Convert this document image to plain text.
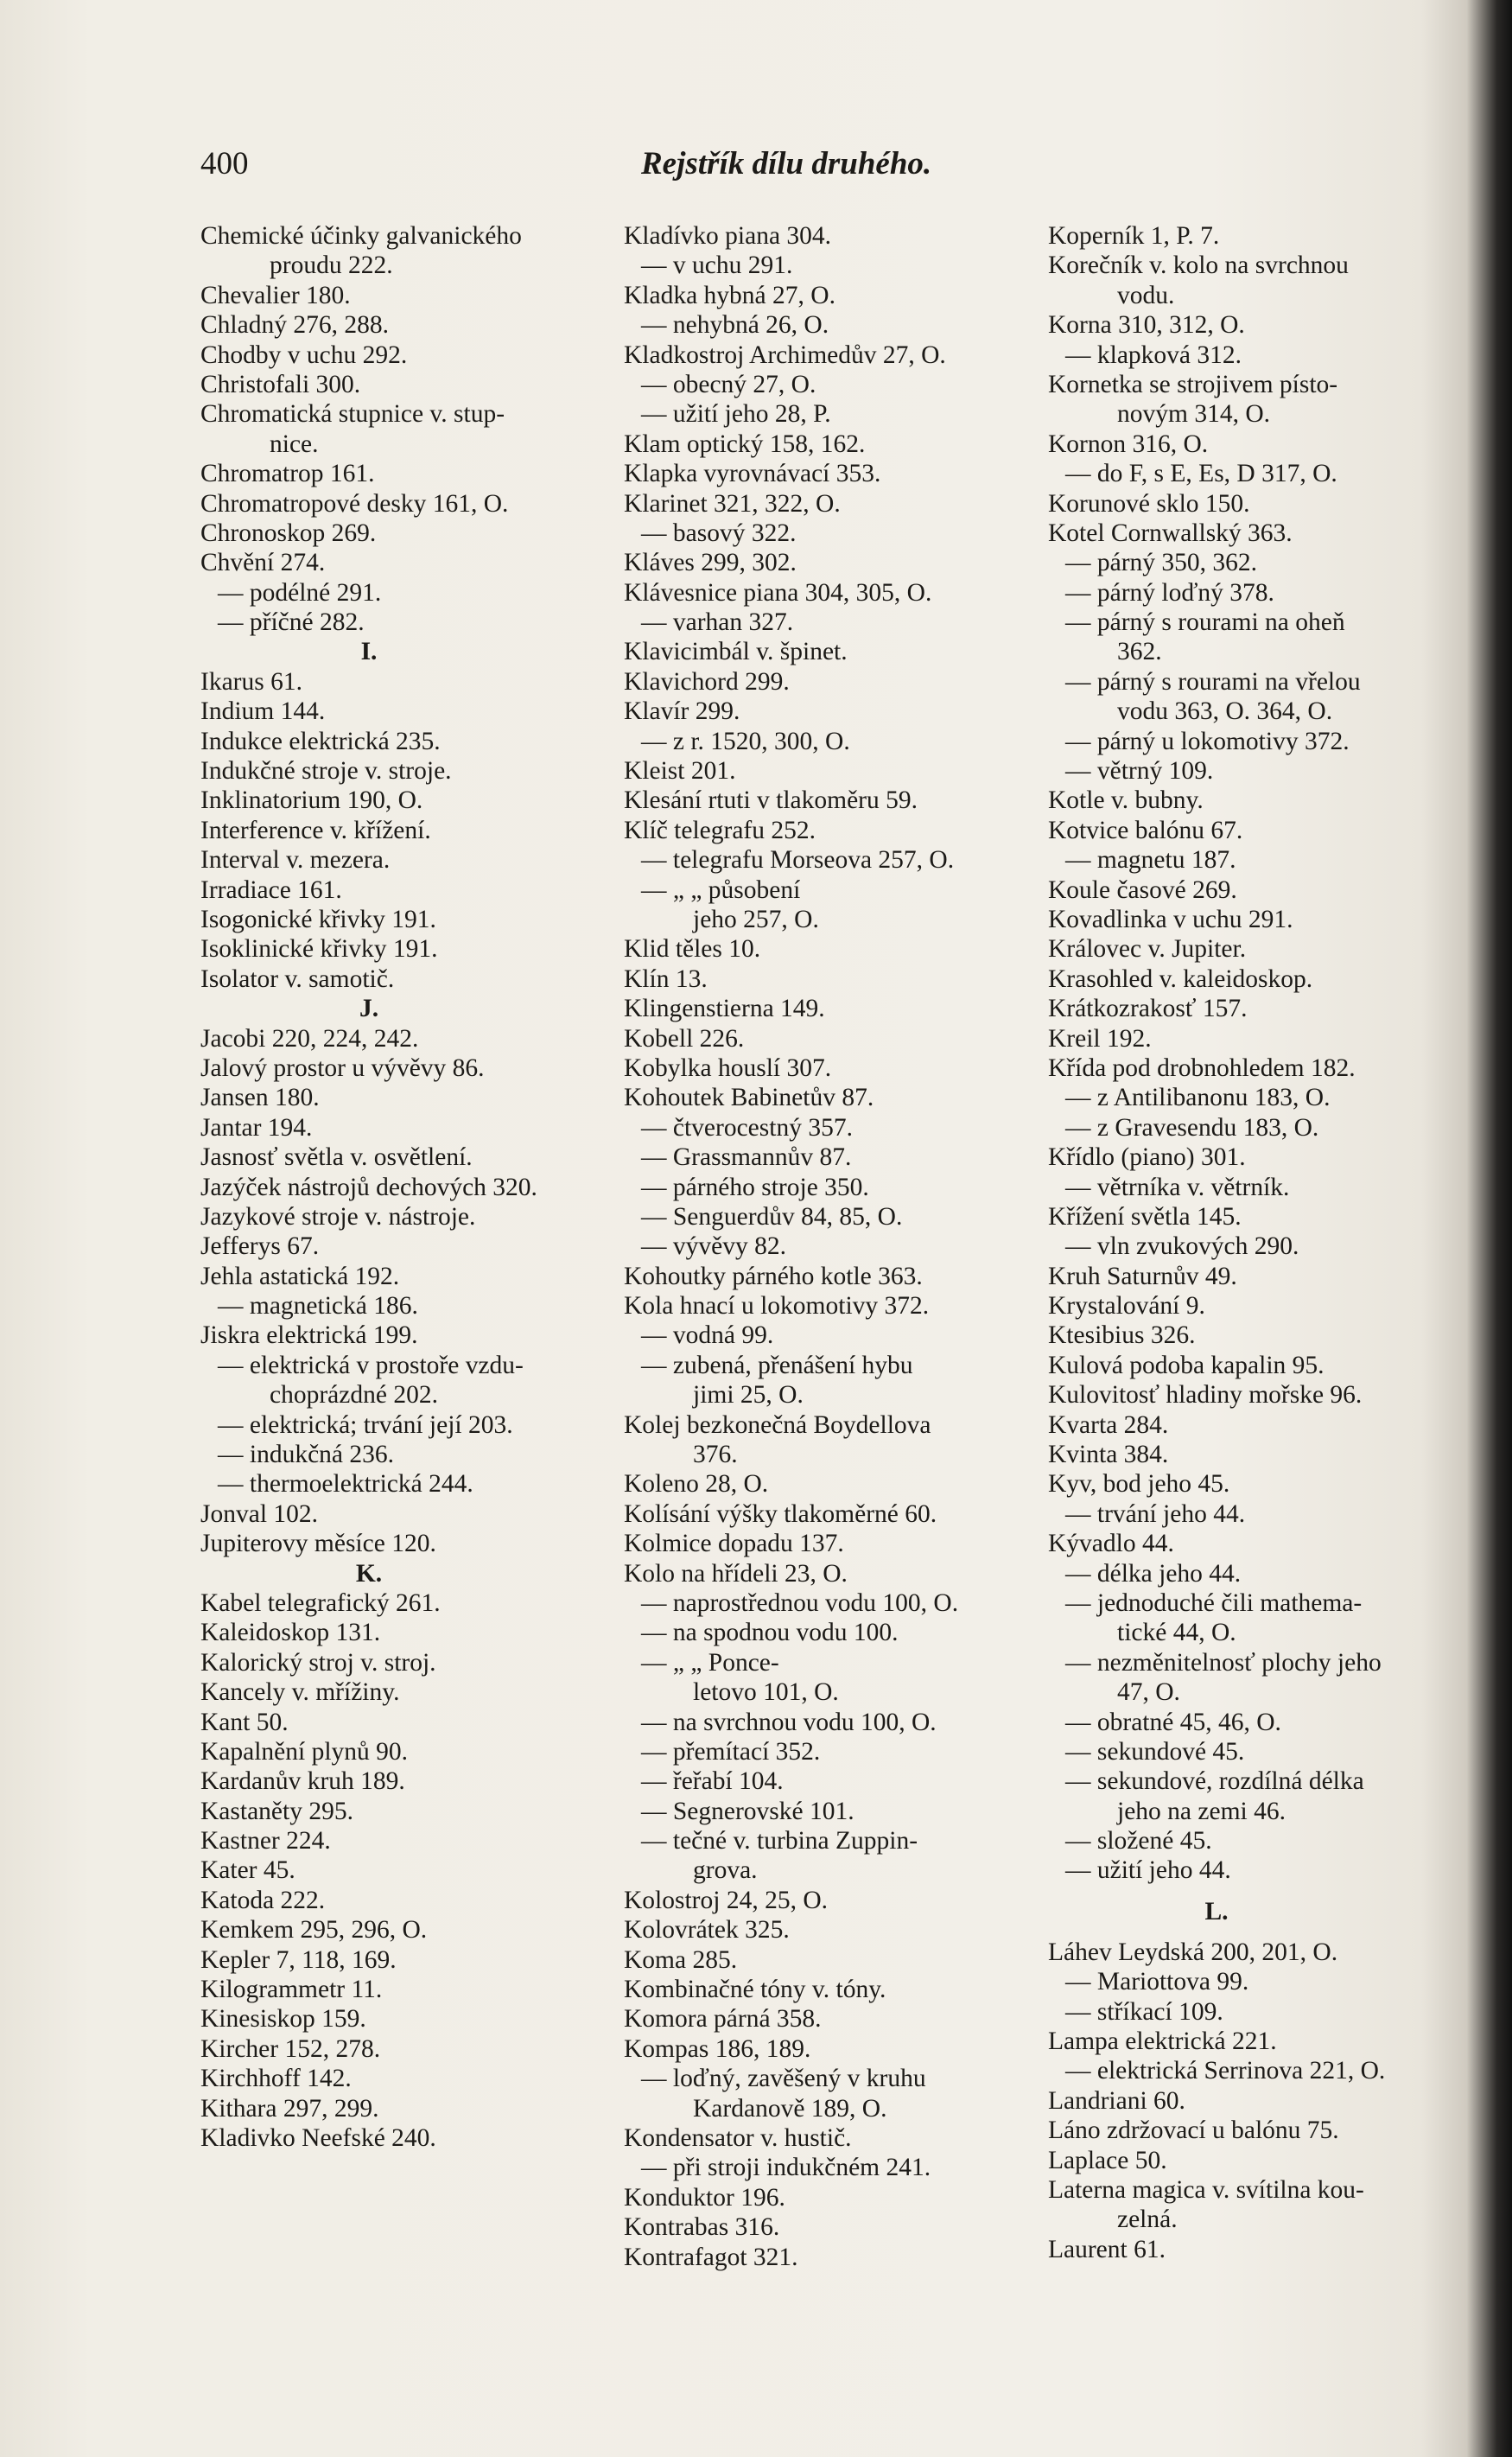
400	Rejstřík dílu druhého.
Chemické účinky galvanického
proudu 222.
Chevalier 180.
Chladný 276, 288.
Chodby v uchu 292.
Christofali 300.
Chromatická stupnice v. stup-
nice.
Chromatrop 161.
Chromatropové desky 161, O.
Chronoskop 269.
Chvění 274.
— podélné 291.
— příčné 282.
I.
Ikarus 61.
Indium 144.
Indukce elektrická 235.
Indukčné stroje v. stroje.
Inklinatorium 190, O.
Interference v. křížení.
Interval v. mezera.
Irradiace 161.
Isogonické křivky 191.
Isoklinické křivky 191.
Isolator v. samotič.
J.
Jacobi 220, 224, 242.
Jalový prostor u vývěvy 86.
Jansen 180.
Jantar 194.
Jasnosť světla v. osvětlení.
Jazýček nástrojů dechových 320.
Jazykové stroje v. nástroje.
Jefferys 67.
Jehla astatická 192.
— magnetická 186.
Jiskra elektrická 199.
— elektrická v prostoře vzdu-
choprázdné 202.
— elektrická; trvání její 203.
— indukčná 236.
— thermoelektrická 244.
Jonval 102.
Jupiterovy měsíce 120.
K.
Kabel telegrafický 261.
Kaleidoskop 131.
Kalorický stroj v. stroj.
Kancely v. mřížiny.
Kant 50.
Kapalnění plynů 90.
Kardanův kruh 189.
Kastaněty 295.
Kastner 224.
Kater 45.
Katoda 222.
Kemkem 295, 296, O.
Kepler 7, 118, 169.
Kilogrammetr 11.
Kinesiskop 159.
Kircher 152, 278.
Kirchhoff 142.
Kithara 297, 299.
Kladivko Neefské 240.
Kladívko piana 304.
— v uchu 291.
Kladka hybná 27, O.
— nehybná 26, O.
Kladkostroj Archimedův 27, O.
— obecný 27, O.
— užití jeho 28, P.
Klam optický 158, 162.
Klapka vyrovnávací 353.
Klarinet 321, 322, O.
— basový 322.
Kláves 299, 302.
Klávesnice piana 304, 305, O.
— varhan 327.
Klavicimbál v. špinet.
Klavichord 299.
Klavír 299.
— z r. 1520, 300, O.
Kleist 201.
Klesání rtuti v tlakoměru 59.
Klíč telegrafu 252.
— telegrafu Morseova 257, O.
— „ „ působení
jeho 257, O.
Klid těles 10.
Klín 13.
Klingenstierna 149.
Kobell 226.
Kobylka houslí 307.
Kohoutek Babinetův 87.
— čtverocestný 357.
— Grassmannův 87.
— párného stroje 350.
— Senguerdův 84, 85, O.
— vývěvy 82.
Kohoutky párného kotle 363.
Kola hnací u lokomotivy 372.
— vodná 99.
— zubená, přenášení hybu
jimi 25, O.
Kolej bezkonečná Boydellova
376.
Koleno 28, O.
Kolísání výšky tlakoměrné 60.
Kolmice dopadu 137.
Kolo na hřídeli 23, O.
— naprostřednou vodu 100, O.
— na spodnou vodu 100.
— „ „ Ponce-
letovo 101, O.
— na svrchnou vodu 100, O.
— přemítací 352.
— řeřabí 104.
— Segnerovské 101.
— tečné v. turbina Zuppin-
grova.
Kolostroj 24, 25, O.
Kolovrátek 325.
Koma 285.
Kombinačné tóny v. tóny.
Komora párná 358.
Kompas 186, 189.
— loďný, zavěšený v kruhu
Kardanově 189, O.
Kondensator v. hustič.
— při stroji indukčném 241.
Konduktor 196.
Kontrabas 316.
Kontrafagot 321.
Koperník 1, P. 7.
Korečník v. kolo na svrchnou
vodu.
Korna 310, 312, O.
— klapková 312.
Kornetka se strojivem písto-
novým 314, O.
Kornon 316, O.
— do F, s E, Es, D 317, O.
Korunové sklo 150.
Kotel Cornwallský 363.
— párný 350, 362.
— párný loďný 378.
— párný s rourami na oheň
362.
— párný s rourami na vřelou
vodu 363, O. 364, O.
— párný u lokomotivy 372.
— větrný 109.
Kotle v. bubny.
Kotvice balónu 67.
— magnetu 187.
Koule časové 269.
Kovadlinka v uchu 291.
Královec v. Jupiter.
Krasohled v. kaleidoskop.
Krátkozrakosť 157.
Kreil 192.
Křída pod drobnohledem 182.
— z Antilibanonu 183, O.
— z Gravesendu 183, O.
Křídlo (piano) 301.
— větrníka v. větrník.
Křížení světla 145.
— vln zvukových 290.
Kruh Saturnův 49.
Krystalování 9.
Ktesibius 326.
Kulová podoba kapalin 95.
Kulovitosť hladiny mořske 96.
Kvarta 284.
Kvinta 384.
Kyv, bod jeho 45.
— trvání jeho 44.
Kývadlo 44.
— délka jeho 44.
— jednoduché čili mathema-
tické 44, O.
— nezměnitelnosť plochy jeho
47, O.
— obratné 45, 46, O.
— sekundové 45.
— sekundové, rozdílná délka
jeho na zemi 46.
— složené 45.
— užití jeho 44.
L.
Láhev Leydská 200, 201, O.
— Mariottova 99.
— stříkací 109.
Lampa elektrická 221.
— elektrická Serrinova 221, O.
Landriani 60.
Láno zdržovací u balónu 75.
Laplace 50.
Laterna magica v. svítilna kou-
zelná.
Laurent 61.
